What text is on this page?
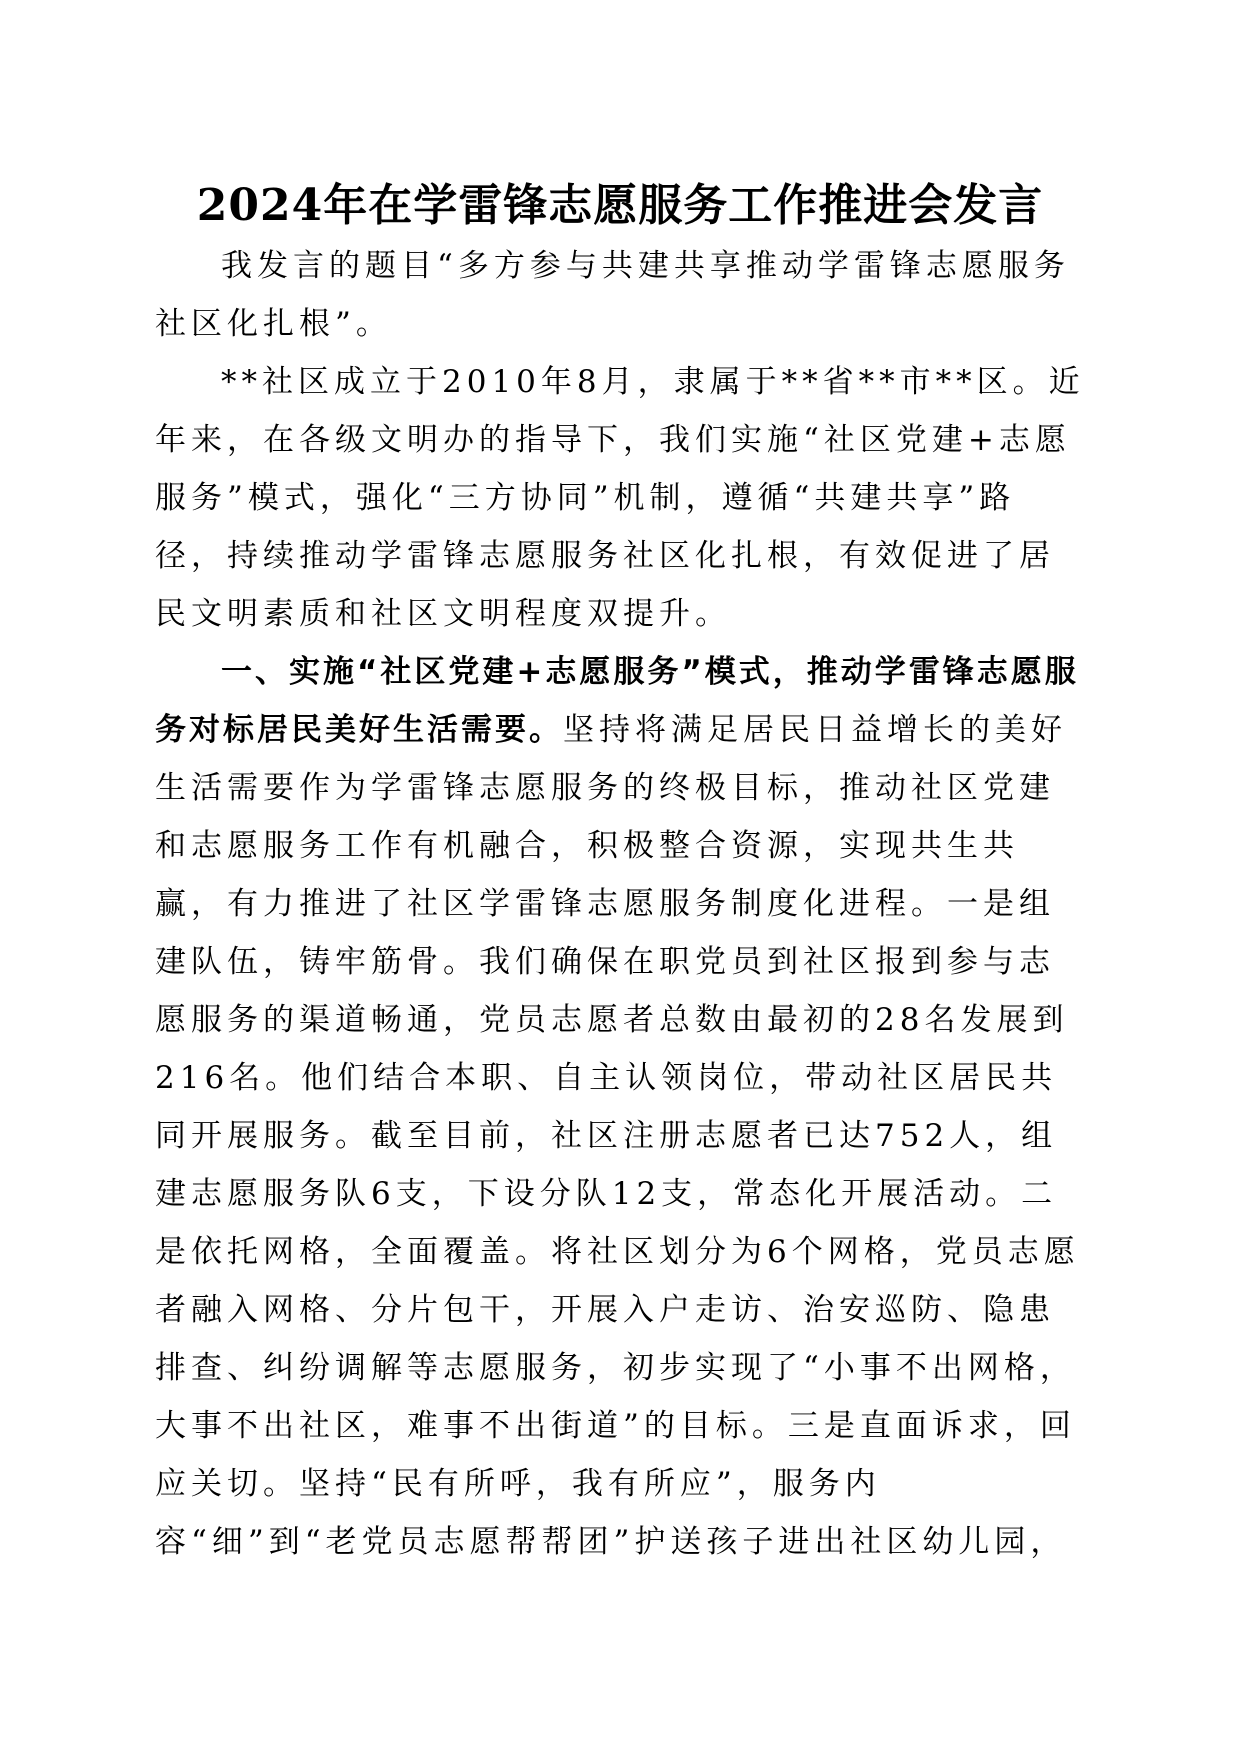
2024年在学雷锋志愿服务工作推进会发言

我发言的题目“多方参与共建共享推动学雷锋志愿服务社区化扎根”。

**社区成立于2010年8月，隶属于**省**市**区。近年来，在各级文明办的指导下，我们实施“社区党建+志愿服务”模式，强化“三方协同”机制，遵循“共建共享”路径，持续推动学雷锋志愿服务社区化扎根，有效促进了居民文明素质和社区文明程度双提升。

一、实施“社区党建+志愿服务”模式，推动学雷锋志愿服务对标居民美好生活需要。坚持将满足居民日益增长的美好生活需要作为学雷锋志愿服务的终极目标，推动社区党建和志愿服务工作有机融合，积极整合资源，实现共生共赢，有力推进了社区学雷锋志愿服务制度化进程。一是组建队伍，铸牢筋骨。我们确保在职党员到社区报到参与志愿服务的渠道畅通，党员志愿者总数由最初的28名发展到216名。他们结合本职、自主认领岗位，带动社区居民共同开展服务。截至目前，社区注册志愿者已达752人，组建志愿服务队6支，下设分队12支，常态化开展活动。二是依托网格，全面覆盖。将社区划分为6个网格，党员志愿者融入网格、分片包干，开展入户走访、治安巡防、隐患排查、纠纷调解等志愿服务，初步实现了“小事不出网格，大事不出社区，难事不出街道”的目标。三是直面诉求，回应关切。坚持“民有所呼，我有所应”，服务内容“细”到“老党员志愿帮帮团”护送孩子进出社区幼儿园，
